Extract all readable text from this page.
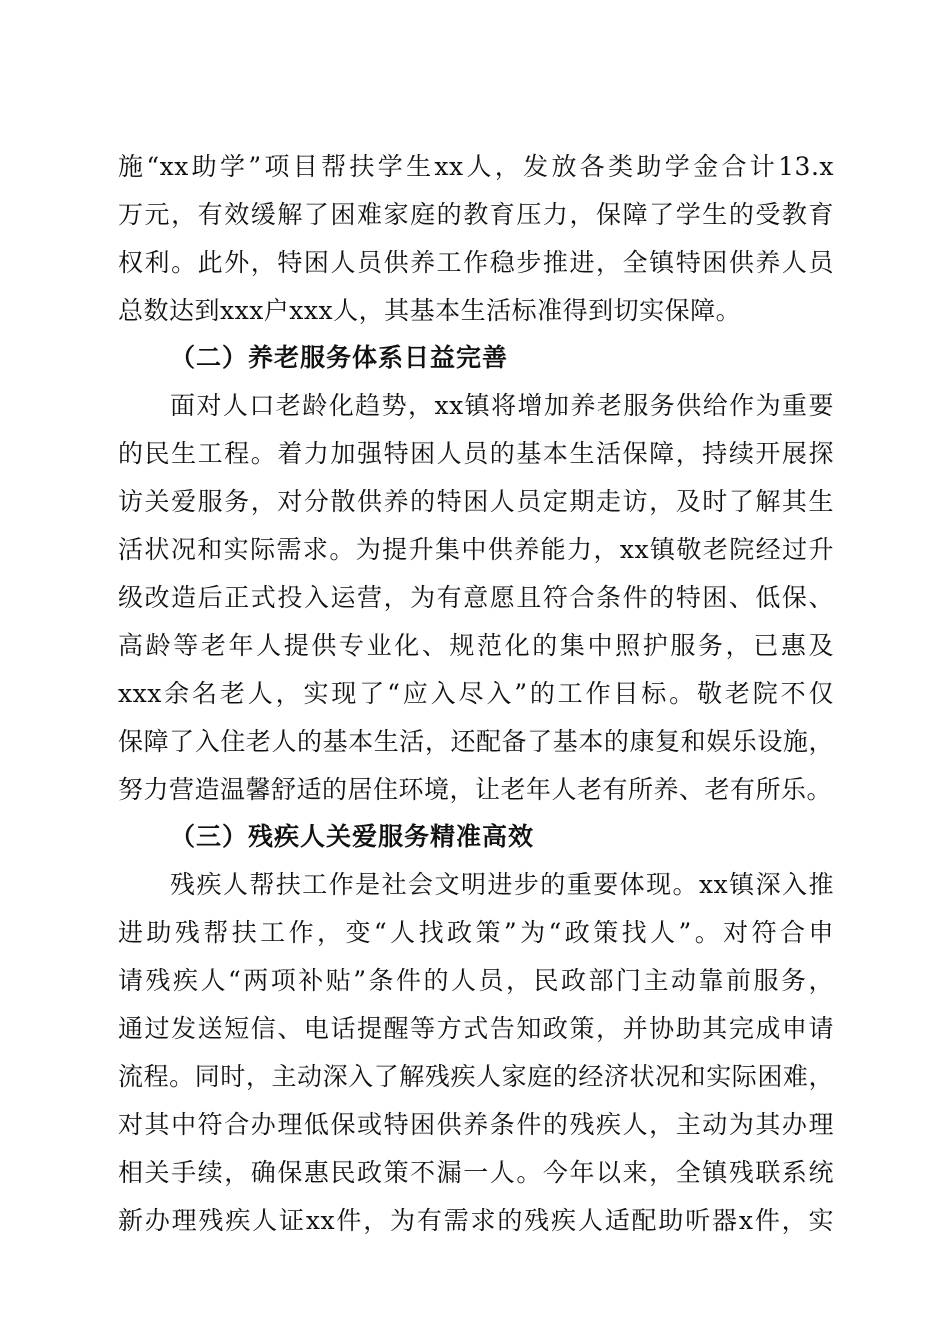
施“xx助学”项目帮扶学生xx人，发放各类助学金合计13.x
万元，有效缓解了困难家庭的教育压力，保障了学生的受教育
权利。此外，特困人员供养工作稳步推进，全镇特困供养人员
总数达到xxx户xxx人，其基本生活标准得到切实保障。
（二）养老服务体系日益完善
面对人口老龄化趋势，xx镇将增加养老服务供给作为重要
的民生工程。着力加强特困人员的基本生活保障，持续开展探
访关爱服务，对分散供养的特困人员定期走访，及时了解其生
活状况和实际需求。为提升集中供养能力，xx镇敬老院经过升
级改造后正式投入运营，为有意愿且符合条件的特困、低保、
高龄等老年人提供专业化、规范化的集中照护服务，已惠及
xxx余名老人，实现了“应入尽入”的工作目标。敬老院不仅
保障了入住老人的基本生活，还配备了基本的康复和娱乐设施，
努力营造温馨舒适的居住环境，让老年人老有所养、老有所乐。
（三）残疾人关爱服务精准高效
残疾人帮扶工作是社会文明进步的重要体现。xx镇深入推
进助残帮扶工作，变“人找政策”为“政策找人”。对符合申
请残疾人“两项补贴”条件的人员，民政部门主动靠前服务，
通过发送短信、电话提醒等方式告知政策，并协助其完成申请
流程。同时，主动深入了解残疾人家庭的经济状况和实际困难，
对其中符合办理低保或特困供养条件的残疾人，主动为其办理
相关手续，确保惠民政策不漏一人。今年以来，全镇残联系统
新办理残疾人证xx件，为有需求的残疾人适配助听器x件，实
